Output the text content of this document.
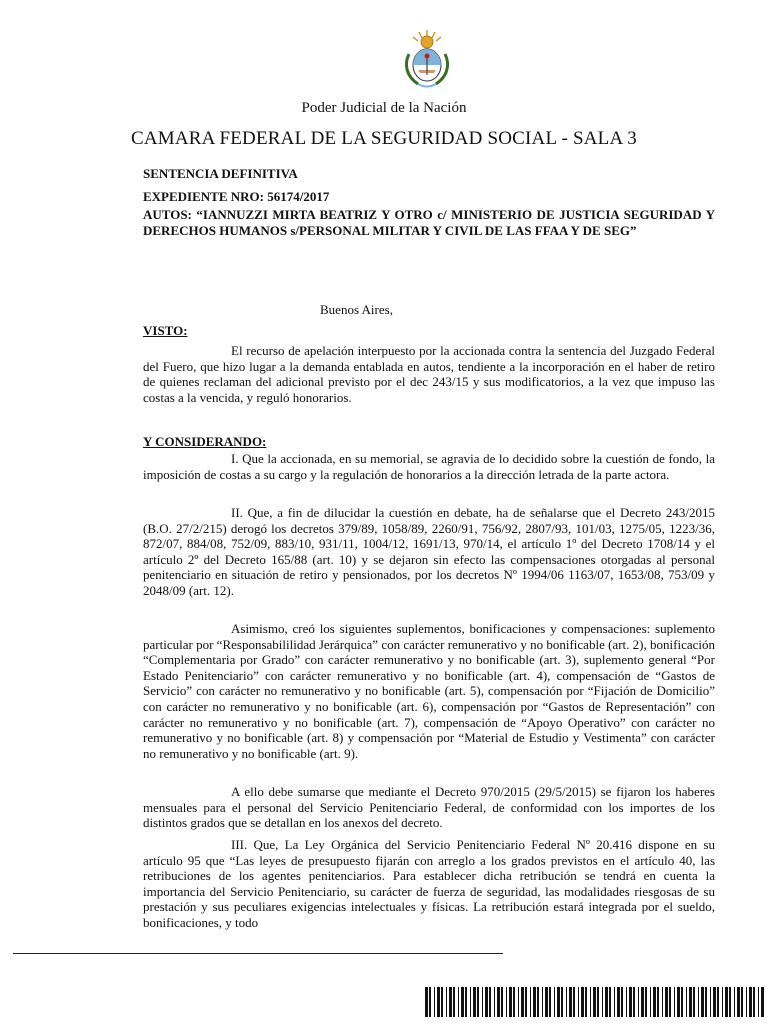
Poder Judicial de la Nación
CAMARA FEDERAL DE LA SEGURIDAD SOCIAL - SALA 3
SENTENCIA DEFINITIVA
EXPEDIENTE NRO: 56174/2017
AUTOS: “IANNUZZI MIRTA BEATRIZ Y OTRO c/ MINISTERIO DE JUSTICIA SEGURIDAD Y DERECHOS HUMANOS s/PERSONAL MILITAR Y CIVIL DE LAS FFAA Y DE SEG”
Buenos Aires,
VISTO:

El recurso de apelación interpuesto por la accionada contra la sentencia del Juzgado Federal del Fuero, que hizo lugar a la demanda entablada en autos, tendiente a la incorporación en el haber de retiro de quienes reclaman del adicional previsto por el dec 243/15 y sus modificatorios, a la vez que impuso las costas a la vencida, y reguló honorarios.

Y CONSIDERANDO:

I. Que la accionada, en su memorial, se agravia de lo decidido sobre la cuestión de fondo, la imposición de costas a su cargo y la regulación de honorarios a la dirección letrada de la parte actora.

II. Que, a fin de dilucidar la cuestión en debate, ha de señalarse que el Decreto 243/2015 (B.O. 27/2/215) derogó los decretos 379/89, 1058/89, 2260/91, 756/92, 2807/93, 101/03, 1275/05, 1223/36, 872/07, 884/08, 752/09, 883/10, 931/11, 1004/12, 1691/13, 970/14, el artículo 1º del Decreto 1708/14 y el artículo 2º del Decreto 165/88 (art. 10) y se dejaron sin efecto las compensaciones otorgadas al personal penitenciario en situación de retiro y pensionados, por los decretos Nº 1994/06 1163/07, 1653/08, 753/09 y 2048/09 (art. 12).

Asimismo, creó los siguientes suplementos, bonificaciones y compensaciones: suplemento particular por “Responsabililidad Jerárquica” con carácter remunerativo y no bonificable (art. 2), bonificación “Complementaria por Grado” con carácter remunerativo y no bonificable (art. 3), suplemento general “Por Estado Penitenciario” con carácter remunerativo y no bonificable (art. 4), compensación de “Gastos de Servicio” con carácter no remunerativo y no bonificable (art. 5), compensación por “Fijación de Domicilio” con carácter no remunerativo y no bonificable (art. 6), compensación por “Gastos de Representación” con carácter no remunerativo y no bonificable (art. 7), compensación de “Apoyo Operativo” con carácter no remunerativo y no bonificable (art. 8) y compensación por “Material de Estudio y Vestimenta” con carácter no remunerativo y no bonificable (art. 9).

A ello debe sumarse que mediante el Decreto 970/2015 (29/5/2015) se fijaron los haberes mensuales para el personal del Servicio Penitenciario Federal, de conformidad con los importes de los distintos grados que se detallan en los anexos del decreto.

III. Que, La Ley Orgánica del Servicio Penitenciario Federal Nº 20.416 dispone en su artículo 95 que “Las leyes de presupuesto fijarán con arreglo a los grados previstos en el artículo 40, las retribuciones de los agentes penitenciarios. Para establecer dicha retribución se tendrá en cuenta la importancia del Servicio Penitenciario, su carácter de fuerza de seguridad, las modalidades riesgosas de su prestación y sus peculiares exigencias intelectuales y físicas. La retribución estará integrada por el sueldo, bonificaciones, y todo
